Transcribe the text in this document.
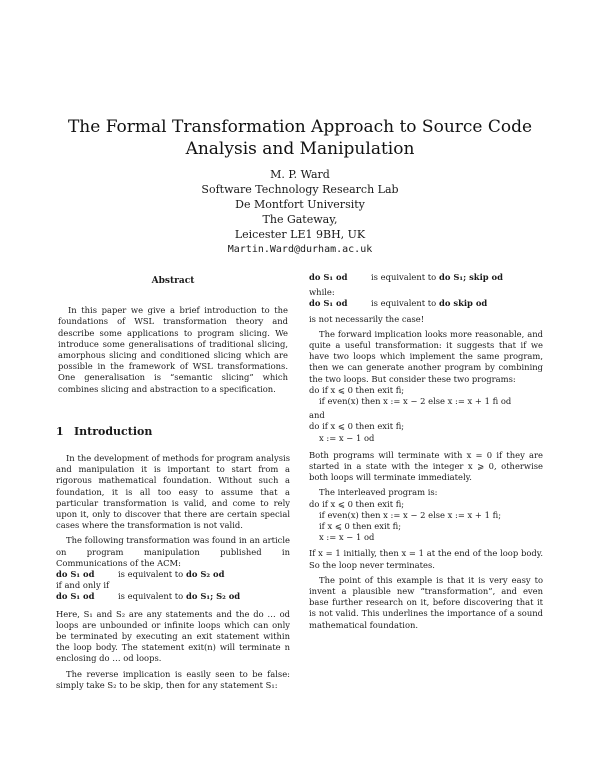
The Formal Transformation Approach to Source Code Analysis and Manipulation
M. P. Ward
Software Technology Research Lab
De Montfort University
The Gateway,
Leicester LE1 9BH, UK
Martin.Ward@durham.ac.uk
Abstract
In this paper we give a brief introduction to the foundations of WSL transformation theory and describe some applications to program slicing. We introduce some generalisations of traditional slicing, amorphous slicing and conditioned slicing which are possible in the framework of WSL transformations. One generalisation is “semantic slicing” which combines slicing and abstraction to a specification.
1 Introduction

In the development of methods for program analysis and manipulation it is important to start from a rigorous mathematical foundation. Without such a foundation, it is all too easy to assume that a particular transformation is valid, and come to rely upon it, only to discover that there are certain special cases where the transformation is not valid.

The following transformation was found in an article on program manipulation published in Communications of the ACM:

do S₁ od	is equivalent to do S₂ od
if and only if
do S₁ od	is equivalent to do S₁; S₂ od

Here, S₁ and S₂ are any statements and the do … od loops are unbounded or infinite loops which can only be terminated by executing an exit statement within the loop body. The statement exit(n) will terminate n enclosing do … od loops.

The reverse implication is easily seen to be false: simply take S₂ to be skip, then for any statement S₁:

do S₁ od	is equivalent to do S₁; skip od
while:
do S₁ od	is equivalent to do skip od

is not necessarily the case!

The forward implication looks more reasonable, and quite a useful transformation: it suggests that if we have two loops which implement the same program, then we can generate another program by combining the two loops. But consider these two programs:

do if x ⩽ 0 then exit fi;
if even(x) then x := x − 2 else x := x + 1 fi od
and
do if x ⩽ 0 then exit fi;
x := x − 1 od

Both programs will terminate with x = 0 if they are started in a state with the integer x ⩾ 0, otherwise both loops will terminate immediately.

The interleaved program is:

do if x ⩽ 0 then exit fi;
if even(x) then x := x − 2 else x := x + 1 fi;
if x ⩽ 0 then exit fi;
x := x − 1 od

If x = 1 initially, then x = 1 at the end of the loop body. So the loop never terminates.

The point of this example is that it is very easy to invent a plausible new “transformation”, and even base further research on it, before discovering that it is not valid. This underlines the importance of a sound mathematical foundation.
